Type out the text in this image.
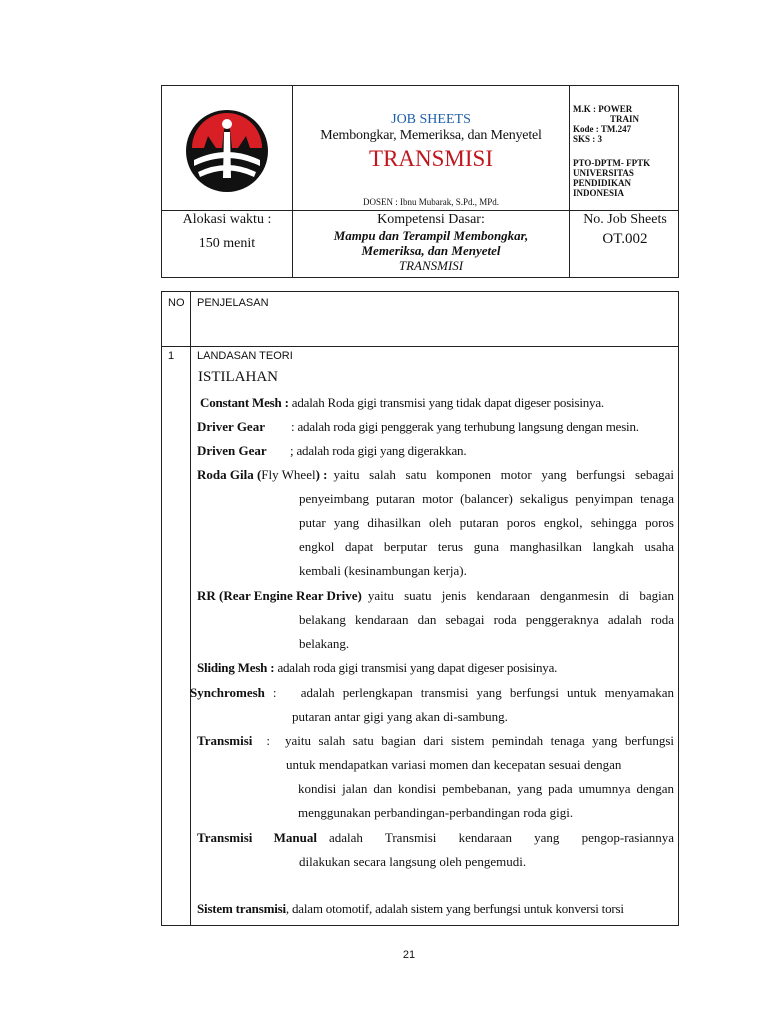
JOB SHEETS
Membongkar, Memeriksa, dan Menyetel
TRANSMISI
DOSEN : Ibnu Mubarak, S.Pd., MPd.
M.K : POWER
TRAIN
Kode : TM.247
SKS : 3
PTO-DPTM- FPTK
UNIVERSITAS
PENDIDIKAN
INDONESIA
Alokasi waktu :
150 menit
Kompetensi Dasar:
Mampu dan Terampil Membongkar,
Memeriksa, dan Menyetel
TRANSMISI
No. Job Sheets
OT.002
NO PENJELASAN
1 LANDASAN TEORI
ISTILAHAN
Constant Mesh : adalah Roda gigi transmisi yang tidak dapat digeser posisinya.
Driver Gear : adalah roda gigi penggerak yang terhubung langsung dengan mesin.
Driven Gear ; adalah roda gigi yang digerakkan.
Roda Gila ( Fly Wheel ) : yaitu salah satu komponen motor yang berfungsi sebagai
penyeimbang putaran motor (balancer) sekaligus penyimpan tenaga
putar yang dihasilkan oleh putaran poros engkol, sehingga poros
engkol dapat berputar terus guna manghasilkan langkah usaha
kembali (kesinambungan kerja).
RR (Rear Engine Rear Drive) yaitu suatu jenis kendaraan denganmesin di bagian
belakang kendaraan dan sebagai roda penggeraknya adalah roda
belakang.
Sliding Mesh : adalah roda gigi transmisi yang dapat digeser posisinya.
Synchromesh :   adalah perlengkapan transmisi yang berfungsi untuk menyamakan
putaran antar gigi yang akan di-sambung.
Transmisi :  yaitu salah satu bagian dari sistem pemindah tenaga yang berfungsi
untuk mendapatkan variasi momen dan kecepatan sesuai dengan
kondisi jalan dan kondisi pembebanan, yang pada umumnya dengan
menggunakan perbandingan-perbandingan roda gigi.
Transmisi Manual adalah Transmisi kendaraan yang pengop-rasiannya
dilakukan secara langsung oleh pengemudi.
Sistem transmisi, dalam otomotif, adalah sistem yang berfungsi untuk konversi torsi
21
